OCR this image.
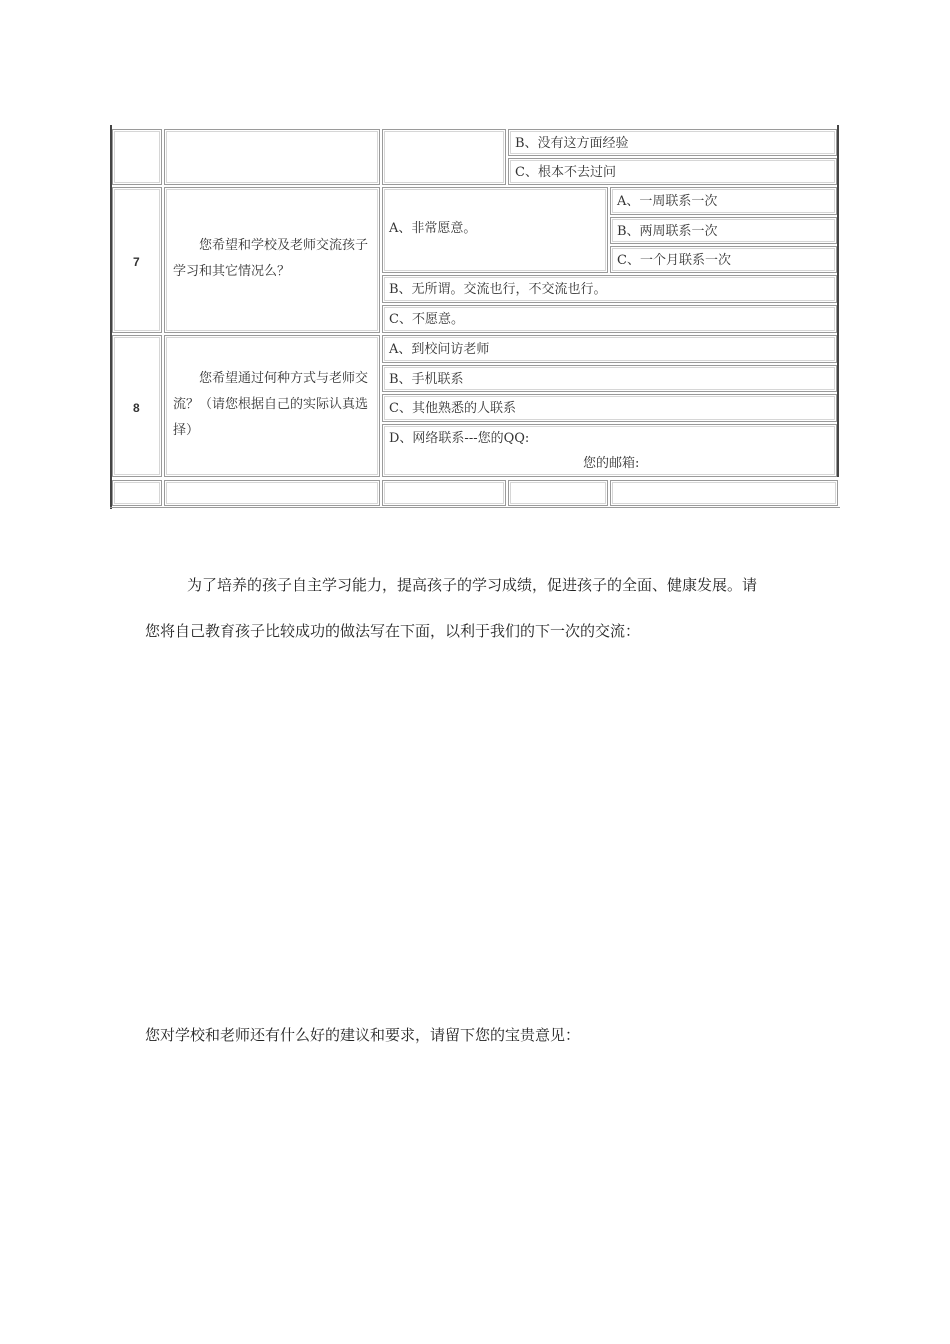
B、没有这方面经验
C、根本不去过问
7
您希望和学校及老师交流孩子学习和其它情况么？
A、非常愿意。
A、一周联系一次
B、两周联系一次
C、一个月联系一次
B、无所谓。交流也行，不交流也行。
C、不愿意。
8
您希望通过何种方式与老师交流？（请您根据自己的实际认真选择）
A、到校问访老师
B、手机联系
C、其他熟悉的人联系
D、网络联系---您的QQ:
您的邮箱:
为了培养的孩子自主学习能力，提高孩子的学习成绩，促进孩子的全面、健康发展。请
您将自己教育孩子比较成功的做法写在下面，以利于我们的下一次的交流：
您对学校和老师还有什么好的建议和要求，请留下您的宝贵意见：
